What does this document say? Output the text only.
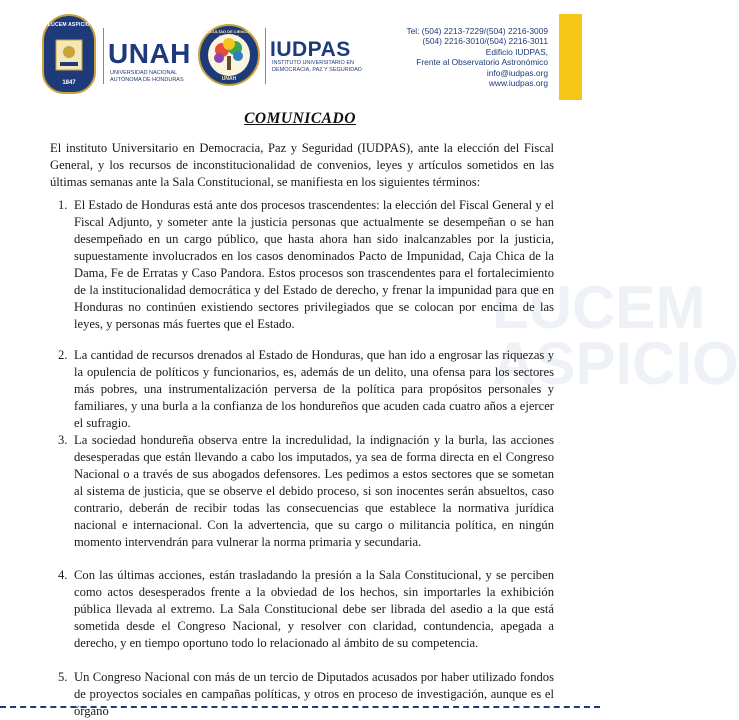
LUCEM ASPICIO
LUCEM ASPICIO
1847
UNAH
UNIVERSIDAD NACIONAL AUTÓNOMA DE HONDURAS
FACULTAD DE CIENCIAS
UNAH
IUDPAS
INSTITUTO UNIVERSITARIO EN DEMOCRACIA, PAZ Y SEGURIDAD
Tel: (504) 2213-7229/(504) 2216-3009
(504) 2216-3010/(504) 2216-3011
Edificio IUDPAS,
Frente al Observatorio Astronómico
info@iudpas.org
www.iudpas.org
COMUNICADO
El instituto Universitario en Democracia, Paz y Seguridad (IUDPAS), ante la elección del Fiscal General, y los recursos de inconstitucionalidad de convenios, leyes y artículos sometidos en las últimas semanas ante la Sala Constitucional, se manifiesta en los siguientes términos:
1. El Estado de Honduras está ante dos procesos trascendentes: la elección del Fiscal General y el Fiscal Adjunto, y someter ante la justicia personas que actualmente se desempeñan o se han desempeñado en un cargo público, que hasta ahora han sido inalcanzables por la justicia, supuestamente involucrados en los casos denominados Pacto de Impunidad, Caja Chica de la Dama, Fe de Erratas y Caso Pandora. Estos procesos son trascendentes para el fortalecimiento de la institucionalidad democrática y del Estado de derecho, y frenar la impunidad para que en Honduras no continúen existiendo sectores privilegiados que se colocan por encima de las leyes, y personas más fuertes que el Estado.
2. La cantidad de recursos drenados al Estado de Honduras, que han ido a engrosar las riquezas y la opulencia de políticos y funcionarios, es, además de un delito, una ofensa para los sectores más pobres, una instrumentalización perversa de la política para propósitos personales y familiares, y una burla a la confianza de los hondureños que acuden cada cuatro años a ejercer el sufragio.
3. La sociedad hondureña observa entre la incredulidad, la indignación y la burla, las acciones desesperadas que están llevando a cabo los imputados, ya sea de forma directa en el Congreso Nacional o a través de sus abogados defensores. Les pedimos a estos sectores que se sometan al sistema de justicia, que se observe el debido proceso, si son inocentes serán absueltos, caso contrario, deberán de recibir todas las consecuencias que establece la normativa jurídica nacional e internacional. Con la advertencia, que su cargo o militancia política, en ningún momento intervendrán para vulnerar la norma primaria y secundaria.
4. Con las últimas acciones, están trasladando la presión a la Sala Constitucional, y se perciben como actos desesperados frente a la obviedad de los hechos, sin importarles la exhibición pública llevada al extremo. La Sala Constitucional debe ser librada del asedio a la que está sometida desde el Congreso Nacional, y resolver con claridad, contundencia, apegada a derecho, y en tiempo oportuno todo lo relacionado al ámbito de su competencia.
5. Un Congreso Nacional con más de un tercio de Diputados acusados por haber utilizado fondos de proyectos sociales en campañas políticas, y otros en proceso de investigación, aunque es el órgano
